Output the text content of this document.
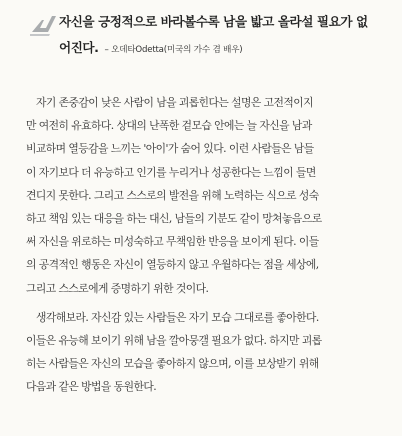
자신을 긍정적으로 바라볼수록 남을 밟고 올라설 필요가 없
어진다. – 오데타Odetta(미국의 가수 겸 배우)
자기 존중감이 낮은 사람이 남을 괴롭힌다는 설명은 고전적이지
만 여전히 유효하다. 상대의 난폭한 겉모습 안에는 늘 자신을 남과
비교하며 열등감을 느끼는 '아이'가 숨어 있다. 이런 사람들은 남들
이 자기보다 더 유능하고 인기를 누리거나 성공한다는 느낌이 들면
견디지 못한다. 그리고 스스로의 발전을 위해 노력하는 식으로 성숙
하고 책임 있는 대응을 하는 대신, 남들의 기분도 같이 망쳐놓음으로
써 자신을 위로하는 미성숙하고 무책임한 반응을 보이게 된다. 이들
의 공격적인 행동은 자신이 열등하지 않고 우월하다는 점을 세상에,
그리고 스스로에게 증명하기 위한 것이다.
생각해보라. 자신감 있는 사람들은 자기 모습 그대로를 좋아한다.
이들은 유능해 보이기 위해 남을 깔아뭉갤 필요가 없다. 하지만 괴롭
히는 사람들은 자신의 모습을 좋아하지 않으며, 이를 보상받기 위해
다음과 같은 방법을 동원한다.
